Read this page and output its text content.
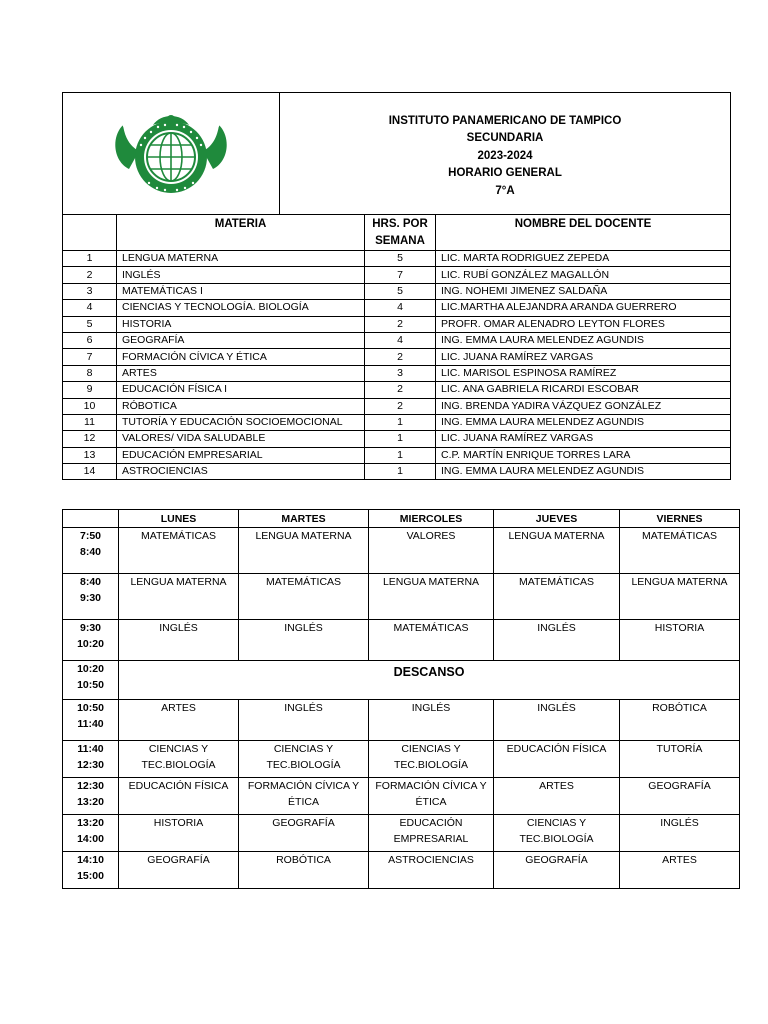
INSTITUTO PANAMERICANO DE TAMPICO
SECUNDARIA
2023-2024
HORARIO GENERAL
7°A		

	MATERIA		HRS. POR SEMANA	NOMBRE DEL DOCENTE
1	LENGUA MATERNA		5	LIC. MARTA RODRIGUEZ ZEPEDA
2	INGLÉS		7	LIC. RUBÍ GONZÁLEZ MAGALLÓN
3	MATEMÁTICAS I		5	ING. NOHEMI JIMENEZ SALDAÑA
4	CIENCIAS Y TECNOLOGÍA. BIOLOGÍA		4	LIC.MARTHA ALEJANDRA ARANDA GUERRERO
5	HISTORIA		2	PROFR. OMAR ALENADRO LEYTON FLORES
6	GEOGRAFÍA		4	ING. EMMA LAURA MELENDEZ AGUNDIS
7	FORMACIÓN CÍVICA Y ÉTICA		2	LIC. JUANA RAMÍREZ VARGAS
8	ARTES		3	LIC. MARISOL ESPINOSA RAMÍREZ
9	EDUCACIÓN FÍSICA I		2	LIC. ANA GABRIELA RICARDI ESCOBAR
10	RÓBOTICA		2	ING. BRENDA YADIRA VÁZQUEZ GONZÁLEZ
11	TUTORÍA Y EDUCACIÓN SOCIOEMOCIONAL		1	ING. EMMA LAURA MELENDEZ AGUNDIS
12	VALORES/ VIDA SALUDABLE		1	LIC. JUANA RAMÍREZ VARGAS
13	EDUCACIÓN EMPRESARIAL		1	C.P. MARTÍN ENRIQUE TORRES LARA
14	ASTROCIENCIAS		1	ING. EMMA LAURA MELENDEZ AGUNDIS
	LUNES	MARTES	MIERCOLES	JUEVES	VIERNES

7:50
8:40	MATEMÁTICAS	LENGUA MATERNA	VALORES	LENGUA MATERNA	MATEMÁTICAS

8:40
9:30	LENGUA MATERNA	MATEMÁTICAS	LENGUA MATERNA	MATEMÁTICAS	LENGUA MATERNA

9:30
10:20	INGLÉS	INGLÉS	MATEMÁTICAS	INGLÉS	HISTORIA

10:20
10:50	DESCANSO				

10:50
11:40	ARTES	INGLÉS	INGLÉS	INGLÉS	ROBÓTICA

11:40
12:30	CIENCIAS Y TEC.BIOLOGÍA	CIENCIAS Y TEC.BIOLOGÍA	CIENCIAS Y TEC.BIOLOGÍA	EDUCACIÓN FÍSICA	TUTORÍA

12:30
13:20	EDUCACIÓN FÍSICA	FORMACIÓN CÍVICA Y ÉTICA	FORMACIÓN CÍVICA Y ÉTICA	ARTES	GEOGRAFÍA

13:20
14:00	HISTORIA	GEOGRAFÍA	EDUCACIÓN EMPRESARIAL	CIENCIAS Y TEC.BIOLOGÍA	INGLÉS

14:10
15:00	GEOGRAFÍA	ROBÓTICA	ASTROCIENCIAS	GEOGRAFÍA	ARTES
